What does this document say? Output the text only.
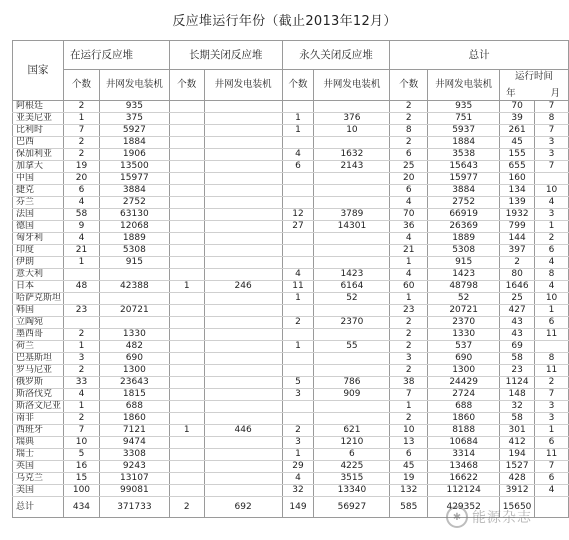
反应堆运行年份（截止2013年12月）
国家	在运行反应堆		长期关闭反应堆		永久关闭反应堆		总计			
	个数	井网发电装机	个数	井网发电装机	个数	井网发电装机	个数	井网发电装机	运行时间
年 月	

阿根廷	2	935					2	935	70	7
亚美尼亚	1	375			1	376	2	751	39	8
比利时	7	5927			1	10	8	5937	261	7
巴西	2	1884					2	1884	45	3
保加利亚	2	1906			4	1632	6	3538	155	3
加拿大	19	13500			6	2143	25	15643	655	7
中国	20	15977					20	15977	160	
捷克	6	3884					6	3884	134	10
芬兰	4	2752					4	2752	139	4
法国	58	63130			12	3789	70	66919	1932	3
德国	9	12068			27	14301	36	26369	799	1
匈牙利	4	1889					4	1889	144	2
印度	21	5308					21	5308	397	6
伊朗	1	915					1	915	2	4
意大利					4	1423	4	1423	80	8
日本	48	42388	1	246	11	6164	60	48798	1646	4
哈萨克斯坦					1	52	1	52	25	10
韩国	23	20721					23	20721	427	1
立陶宛					2	2370	2	2370	43	6
墨西哥	2	1330					2	1330	43	11
荷兰	1	482			1	55	2	537	69	
巴基斯坦	3	690					3	690	58	8
罗马尼亚	2	1300					2	1300	23	11
俄罗斯	33	23643			5	786	38	24429	1124	2
斯洛伐克	4	1815			3	909	7	2724	148	7
斯洛文尼亚	1	688					1	688	32	3
南非	2	1860					2	1860	58	3
西班牙	7	7121	1	446	2	621	10	8188	301	1
瑞典	10	9474			3	1210	13	10684	412	6
瑞士	5	3308			1	6	6	3314	194	11
英国	16	9243			29	4225	45	13468	1527	7
乌克兰	15	13107			4	3515	19	16622	428	6
美国	100	99081			32	13340	132	112124	3912	4
总计	434	371733	2	692	149	56927	585	429352	15650	
✱ 能源杂志
